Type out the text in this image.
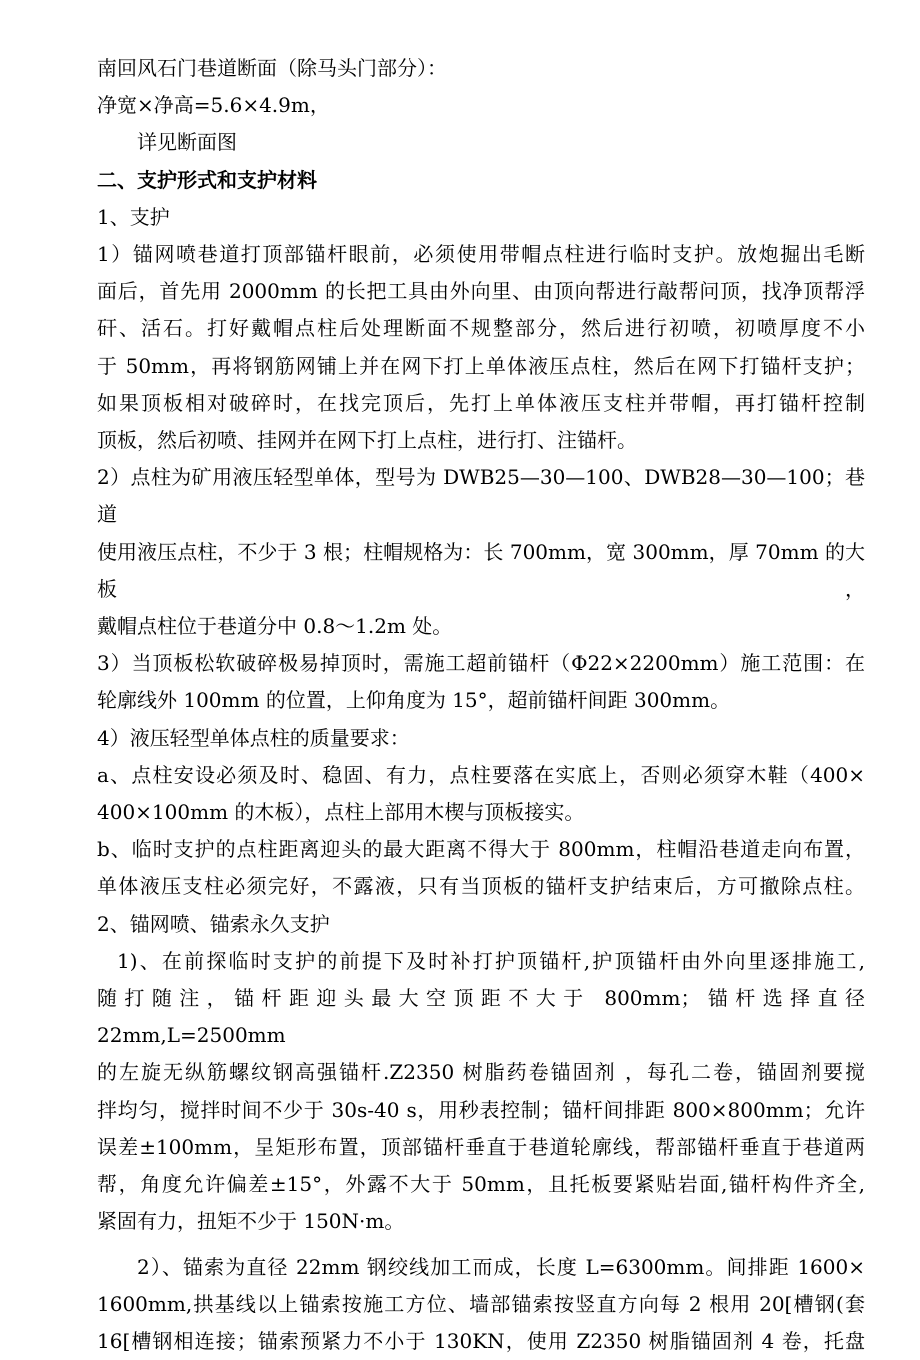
南回风石门巷道断面（除马头门部分）：

净宽×净高=5.6×4.9m，

详见断面图

二、支护形式和支护材料

1、支护

1）锚网喷巷道打顶部锚杆眼前，必须使用带帽点柱进行临时支护。放炮掘出毛断

面后，首先用 2000mm 的长把工具由外向里、由顶向帮进行敲帮问顶，找净顶帮浮

矸、活石。打好戴帽点柱后处理断面不规整部分，然后进行初喷，初喷厚度不小

于 50mm，再将钢筋网铺上并在网下打上单体液压点柱，然后在网下打锚杆支护；

如果顶板相对破碎时，在找完顶后，先打上单体液压支柱并带帽，再打锚杆控制

顶板，然后初喷、挂网并在网下打上点柱，进行打、注锚杆。

2）点柱为矿用液压轻型单体，型号为 DWB25—30—100、DWB28—30—100；巷道

使用液压点柱，不少于 3 根；柱帽规格为：长 700mm，宽 300mm，厚 70mm 的大板，

戴帽点柱位于巷道分中 0.8～1.2m 处。

3）当顶板松软破碎极易掉顶时，需施工超前锚杆（Φ22×2200mm）施工范围：在

轮廓线外 100mm 的位置，上仰角度为 15°，超前锚杆间距 300mm。

4）液压轻型单体点柱的质量要求：

a、点柱安设必须及时、稳固、有力，点柱要落在实底上，否则必须穿木鞋（400×

400×100mm 的木板），点柱上部用木楔与顶板接实。

b、临时支护的点柱距离迎头的最大距离不得大于 800mm，柱帽沿巷道走向布置，

单体液压支柱必须完好，不露液，只有当顶板的锚杆支护结束后，方可撤除点柱。

2、锚网喷、锚索永久支护

1)、在前探临时支护的前提下及时补打护顶锚杆,护顶锚杆由外向里逐排施工,

随打随注，锚杆距迎头最大空顶距不大于 800mm；锚杆选择直径 22mm,L=2500mm

的左旋无纵筋螺纹钢高强锚杆.Z2350 树脂药卷锚固剂 ，每孔二卷，锚固剂要搅

拌均匀，搅拌时间不少于 30s-40 s，用秒表控制；锚杆间排距 800×800mm；允许

误差±100mm，呈矩形布置，顶部锚杆垂直于巷道轮廓线，帮部锚杆垂直于巷道两

帮，角度允许偏差±15°，外露不大于 50mm，且托板要紧贴岩面,锚杆构件齐全,

紧固有力，扭矩不少于 150N·m。

2）、锚索为直径 22mm 钢绞线加工而成，长度 L=6300mm。间排距 1600×

1600mm,拱基线以上锚索按施工方位、墙部锚索按竖直方向每 2 根用 20[槽钢(套

16[槽钢相连接；锚索预紧力不小于 130KN，使用 Z2350 树脂锚固剂 4 卷，托盘
